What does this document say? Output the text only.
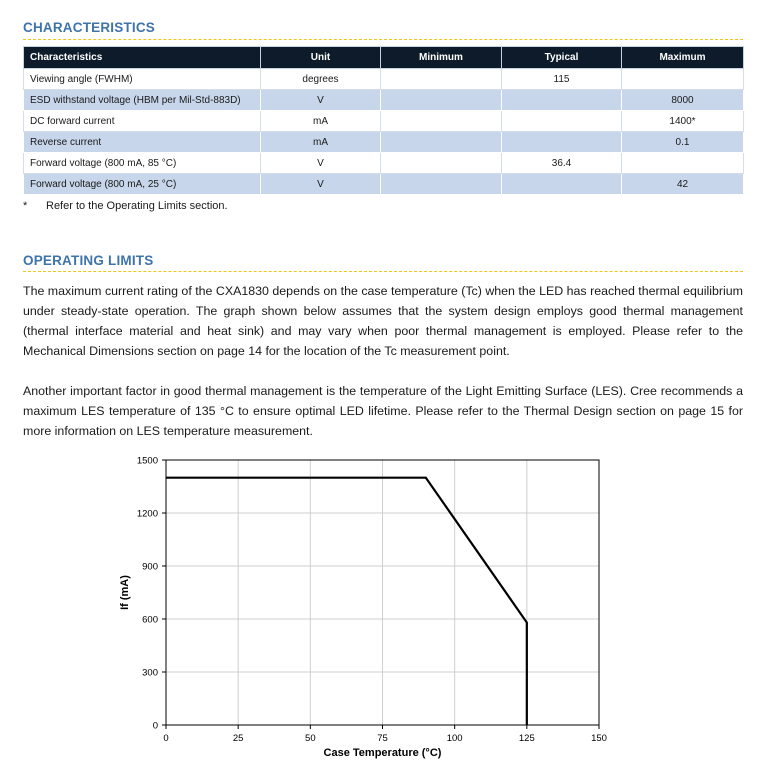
CHARACTERISTICS
Characteristics	Unit	Minimum	Typical	Maximum
Viewing angle (FWHM)	degrees		115	
ESD withstand voltage (HBM per Mil-Std-883D)	V			8000
DC forward current	mA			1400*
Reverse current	mA			0.1
Forward voltage (800 mA, 85 °C)	V		36.4	
Forward voltage (800 mA, 25 °C)	V			42
* Refer to the Operating Limits section.
OPERATING LIMITS
The maximum current rating of the CXA1830 depends on the case temperature (Tc) when the LED has reached thermal equilibrium under steady-state operation. The graph shown below assumes that the system design employs good thermal management (thermal interface material and heat sink) and may vary when poor thermal management is employed. Please refer to the Mechanical Dimensions section on page 14 for the location of the Tc measurement point.
Another important factor in good thermal management is the temperature of the Light Emitting Surface (LES). Cree recommends a maximum LES temperature of 135 °C to ensure optimal LED lifetime. Please refer to the Thermal Design section on page 15 for more information on LES temperature measurement.
0	25	50	75	100	125	150
0
300
600
900
1200
1500
Case Temperature (°C)
If (mA)
